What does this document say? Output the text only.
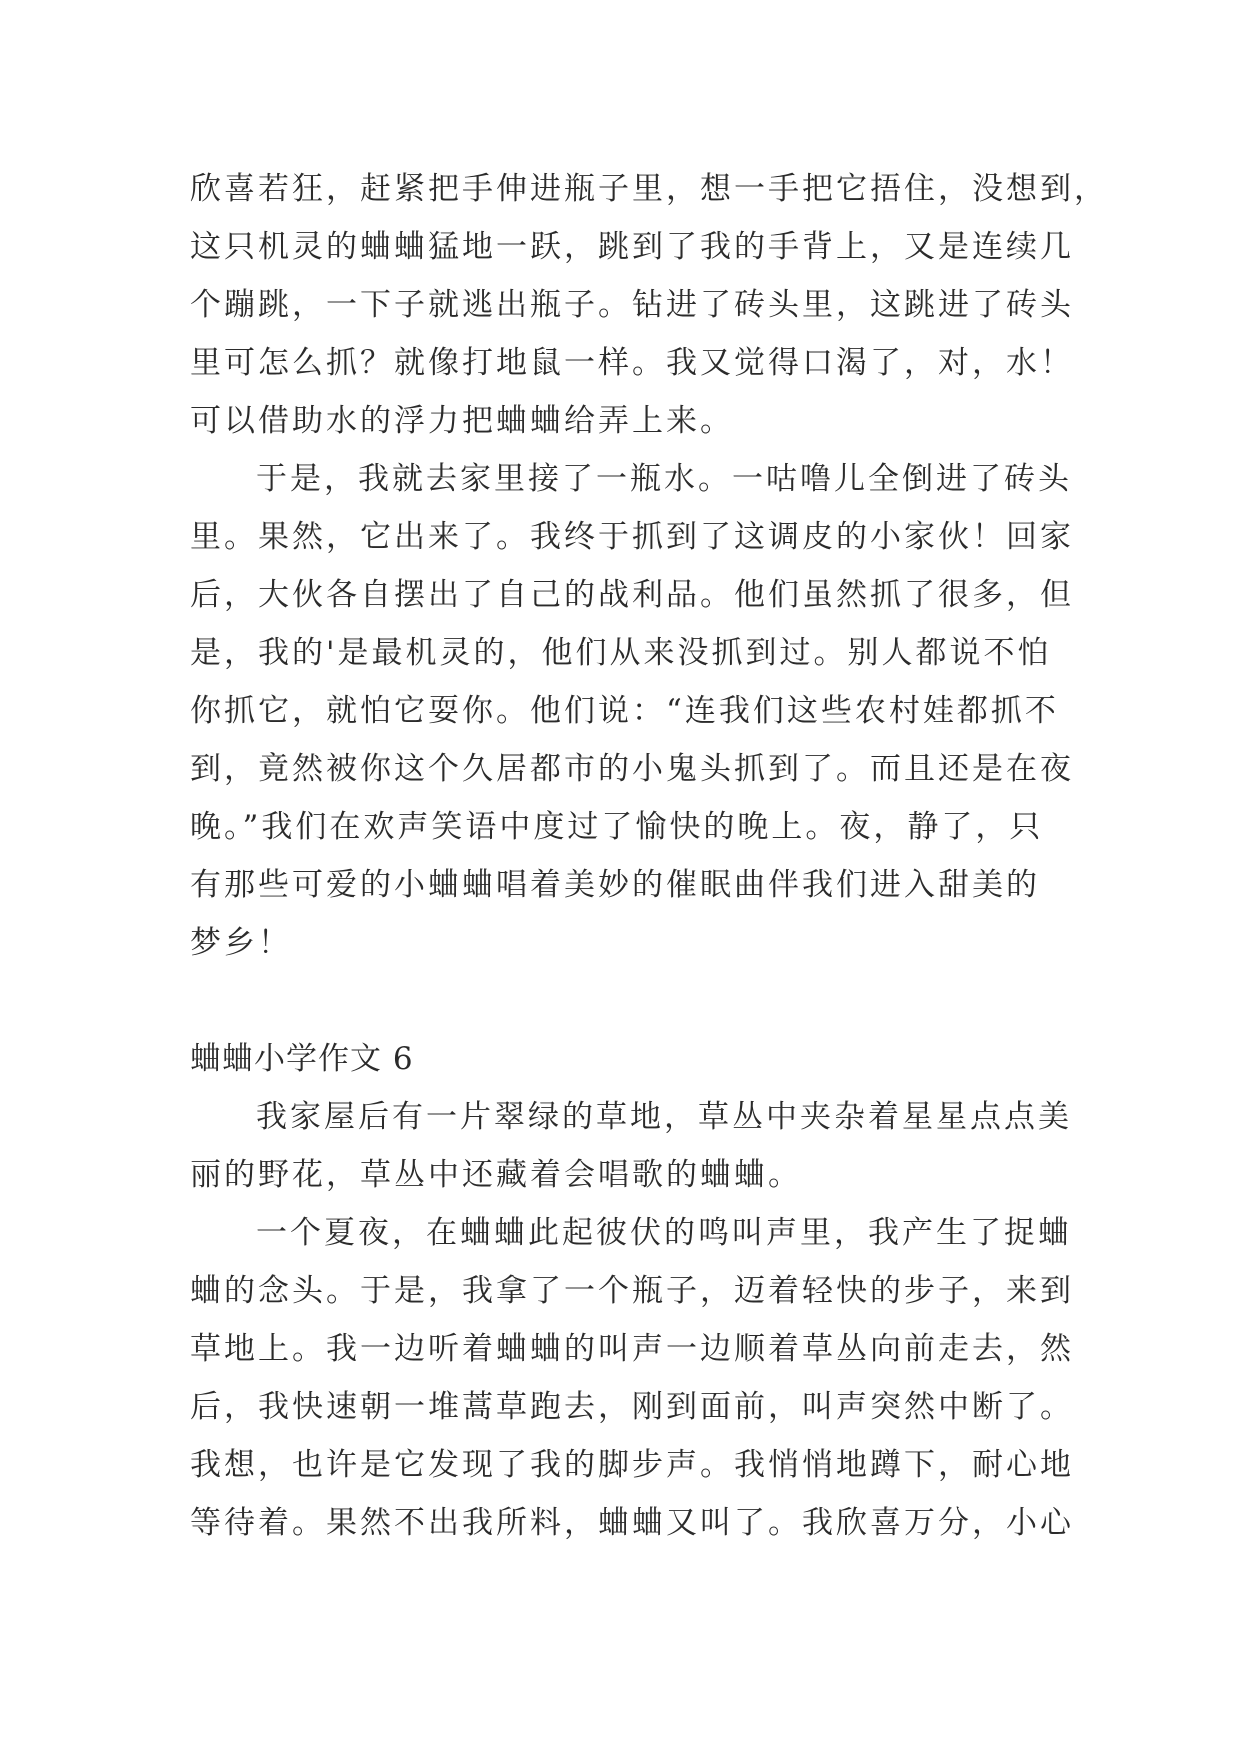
欣喜若狂，赶紧把手伸进瓶子里，想一手把它捂住，没想到，
这只机灵的蛐蛐猛地一跃，跳到了我的手背上，又是连续几
个蹦跳，一下子就逃出瓶子。钻进了砖头里，这跳进了砖头
里可怎么抓？就像打地鼠一样。我又觉得口渴了，对，水！
可以借助水的浮力把蛐蛐给弄上来。
于是，我就去家里接了一瓶水。一咕噜儿全倒进了砖头
里。果然，它出来了。我终于抓到了这调皮的小家伙！回家
后，大伙各自摆出了自己的战利品。他们虽然抓了很多，但
是，我的'是最机灵的，他们从来没抓到过。别人都说不怕
你抓它，就怕它耍你。他们说：“连我们这些农村娃都抓不
到，竟然被你这个久居都市的小鬼头抓到了。而且还是在夜
晚。”我们在欢声笑语中度过了愉快的晚上。夜，静了，只
有那些可爱的小蛐蛐唱着美妙的催眠曲伴我们进入甜美的
梦乡！
蛐蛐小学作文 6
我家屋后有一片翠绿的草地，草丛中夹杂着星星点点美
丽的野花，草丛中还藏着会唱歌的蛐蛐。
一个夏夜，在蛐蛐此起彼伏的鸣叫声里，我产生了捉蛐
蛐的念头。于是，我拿了一个瓶子，迈着轻快的步子，来到
草地上。我一边听着蛐蛐的叫声一边顺着草丛向前走去，然
后，我快速朝一堆蒿草跑去，刚到面前，叫声突然中断了。
我想，也许是它发现了我的脚步声。我悄悄地蹲下，耐心地
等待着。果然不出我所料，蛐蛐又叫了。我欣喜万分，小心
